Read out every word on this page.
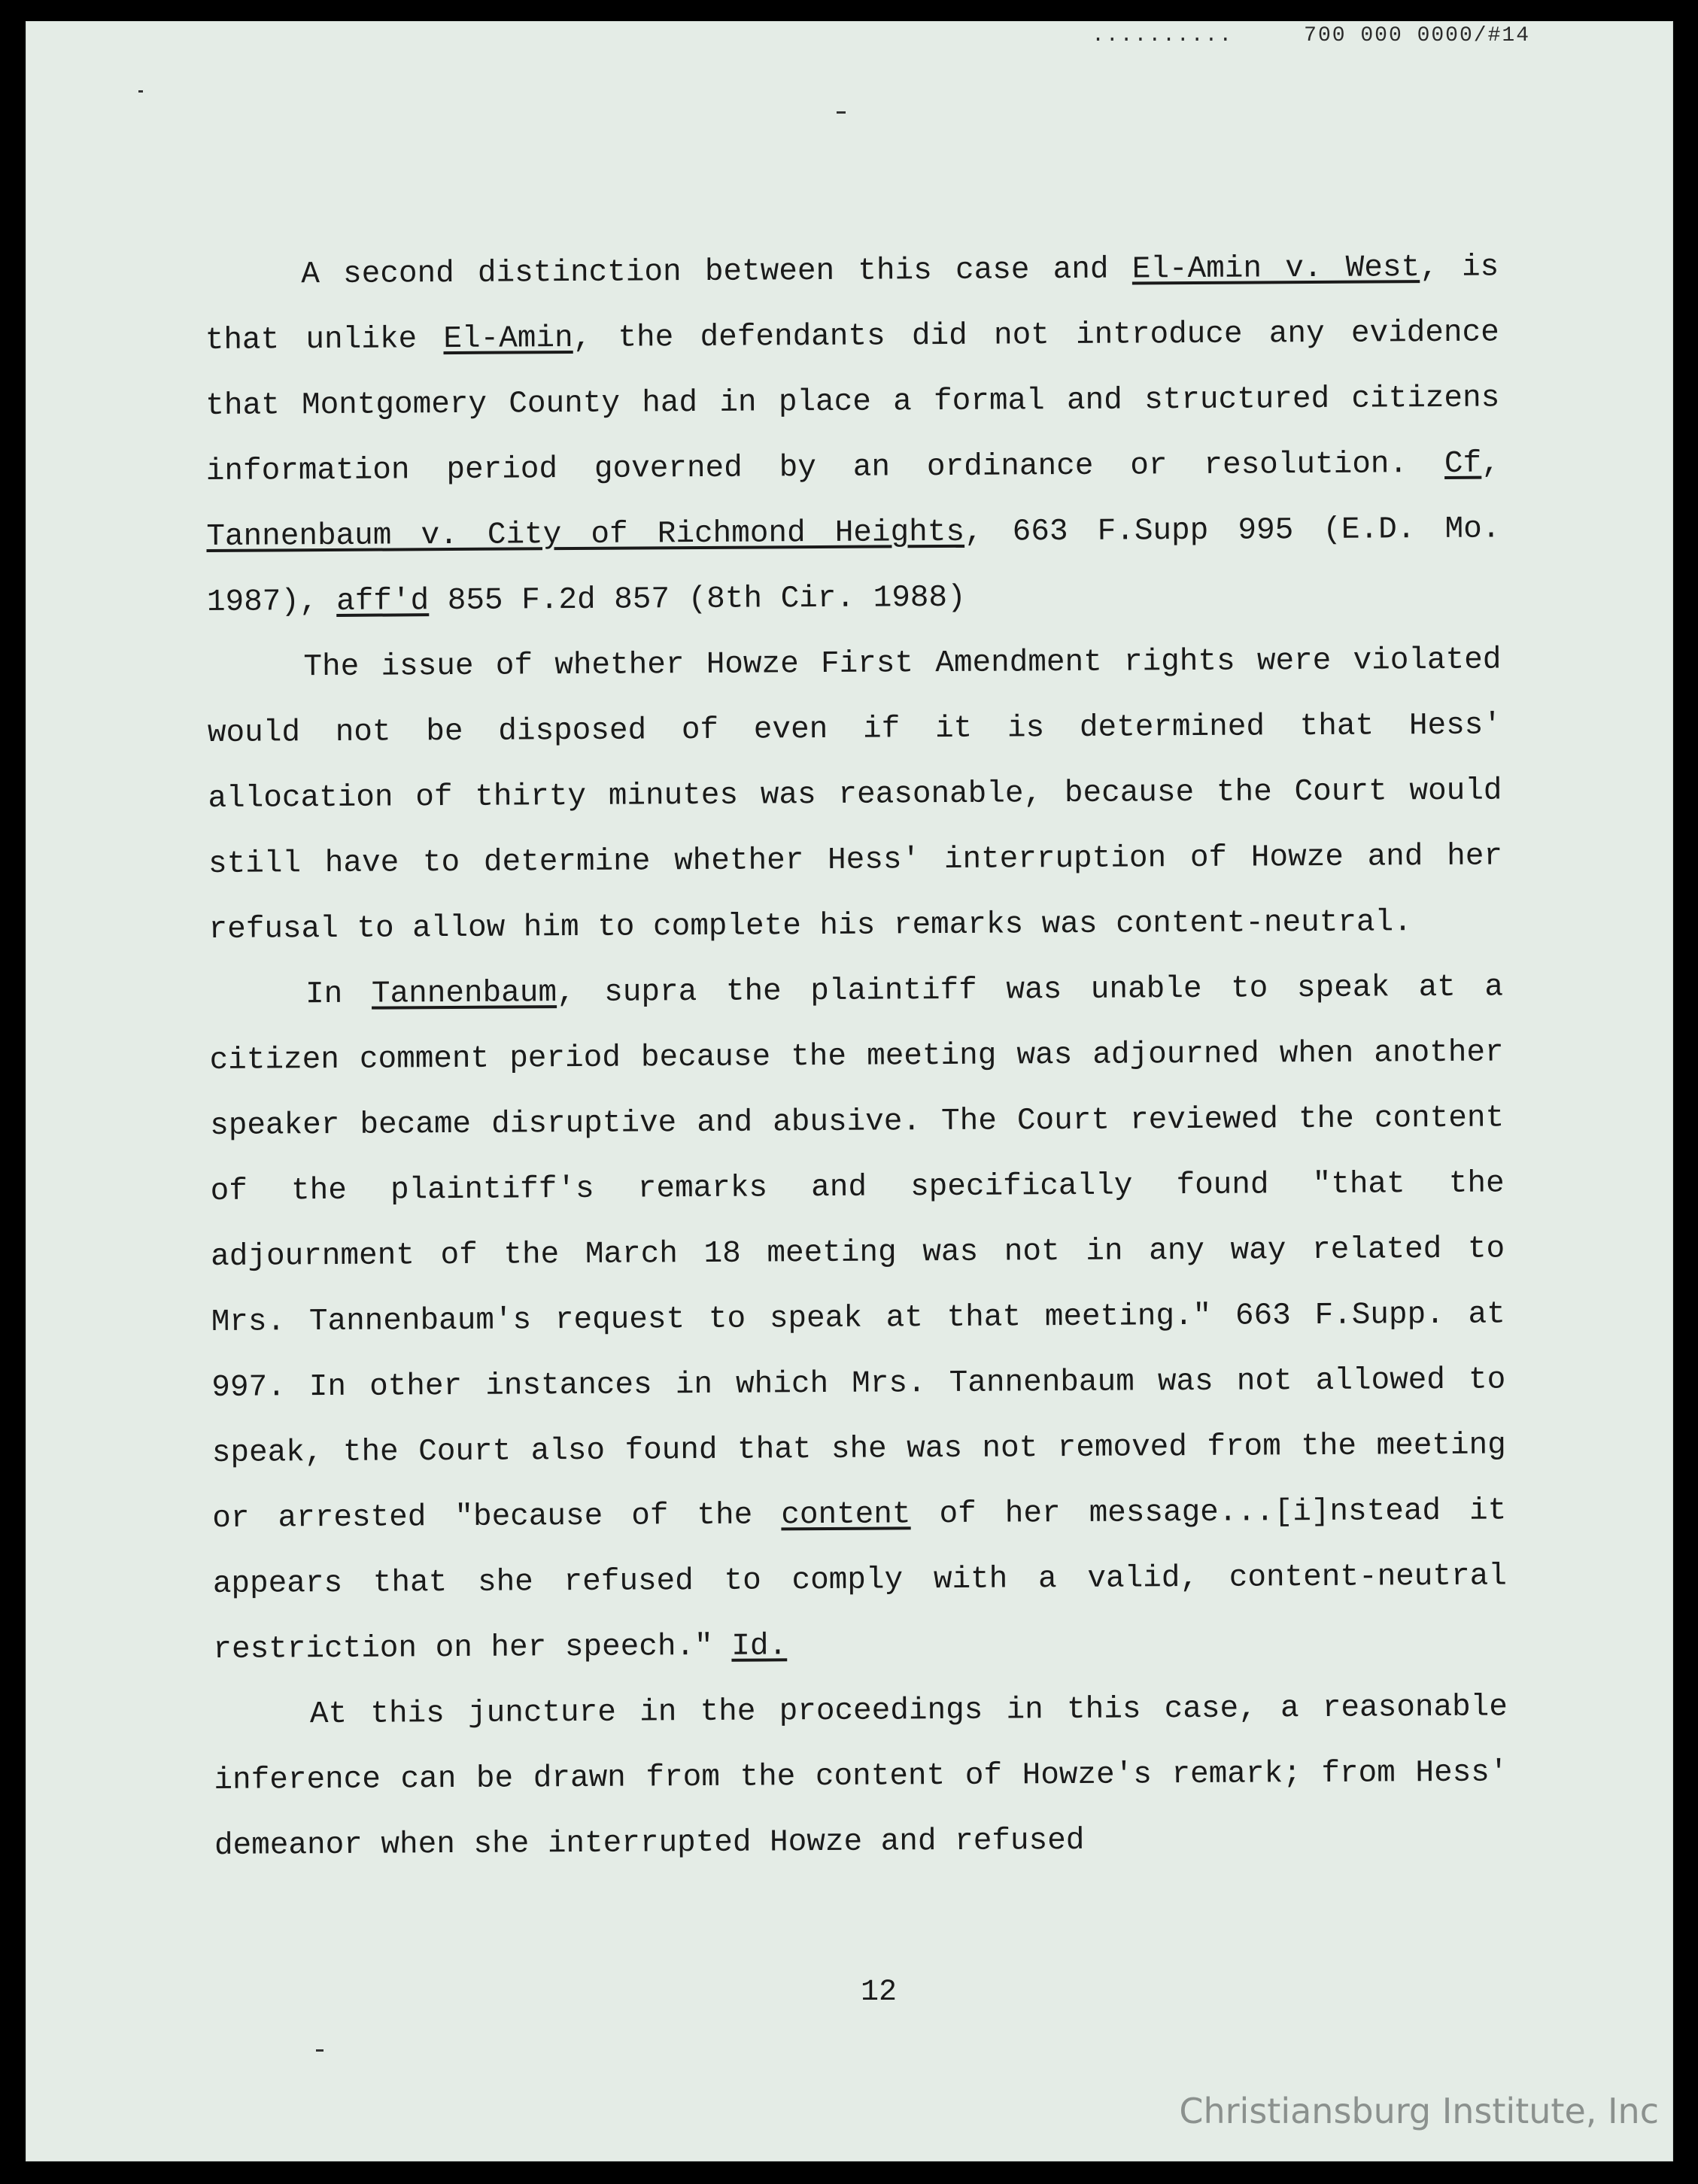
..........	700 000 0000/#14

A second distinction between this case and El-Amin v. West, is that unlike El-Amin, the defendants did not introduce any evidence that Montgomery County had in place a formal and structured citizens information period governed by an ordinance or resolution. Cf, Tannenbaum v. City of Richmond Heights, 663 F.Supp 995 (E.D. Mo. 1987), aff'd 855 F.2d 857 (8th Cir. 1988)

The issue of whether Howze First Amendment rights were violated would not be disposed of even if it is determined that Hess' allocation of thirty minutes was reasonable, because the Court would still have to determine whether Hess' interruption of Howze and her refusal to allow him to complete his remarks was content-neutral.

In Tannenbaum, supra the plaintiff was unable to speak at a citizen comment period because the meeting was adjourned when another speaker became disruptive and abusive. The Court reviewed the content of the plaintiff's remarks and specifically found "that the adjournment of the March 18 meeting was not in any way related to Mrs. Tannenbaum's request to speak at that meeting." 663 F.Supp. at 997. In other instances in which Mrs. Tannenbaum was not allowed to speak, the Court also found that she was not removed from the meeting or arrested "because of the content of her message...[i]nstead it appears that she refused to comply with a valid, content-neutral restriction on her speech." Id.

At this juncture in the proceedings in this case, a reasonable inference can be drawn from the content of Howze's remark; from Hess' demeanor when she interrupted Howze and refused

12
Christiansburg Institute, Inc
